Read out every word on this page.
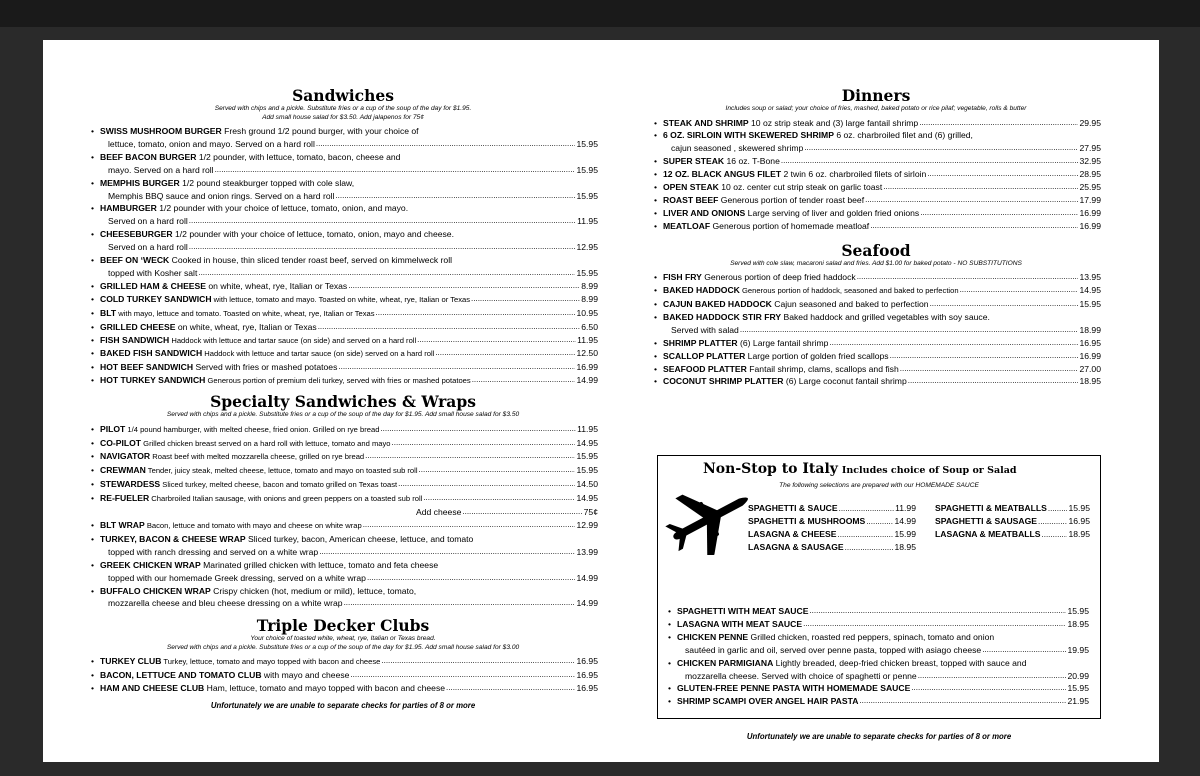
Sandwiches
Served with chips and a pickle. Substitute fries or a cup of the soup of the day for $1.95.
Add small house salad for $3.50. Add jalapenos for 75¢
• SWISS MUSHROOM BURGER Fresh ground 1/2 pound burger, with your choice of
lettuce, tomato, onion and mayo. Served on a hard roll .....	15.95
• BEEF BACON BURGER 1/2 pounder, with lettuce, tomato, bacon, cheese and
mayo. Served on a hard roll .....	15.95
• MEMPHIS BURGER 1/2 pound steakburger topped with cole slaw,
Memphis BBQ sauce and onion rings. Served on a hard roll .....	15.95
• HAMBURGER 1/2 pounder with your choice of lettuce, tomato, onion, and mayo.
Served on a hard roll .....	11.95
• CHEESEBURGER 1/2 pounder with your choice of lettuce, tomato, onion, mayo and cheese.
Served on a hard roll .....	12.95
• BEEF ON ‘WECK Cooked in house, thin sliced tender roast beef, served on kimmelweck roll
topped with Kosher salt .....	15.95
• GRILLED HAM & CHEESE on white, wheat, rye, Italian or Texas .....	8.99
• COLD TURKEY SANDWICH with lettuce, tomato and mayo. Toasted on white, wheat, rye, Italian or Texas .....	8.99
• BLT with mayo, lettuce and tomato. Toasted on white, wheat, rye, Italian or Texas .....	10.95
• GRILLED CHEESE on white, wheat, rye, Italian or Texas .....	6.50
• FISH SANDWICH Haddock with lettuce and tartar sauce (on side) and served on a hard roll .....	11.95
• BAKED FISH SANDWICH Haddock with lettuce and tartar sauce (on side) served on a hard roll .....	12.50
• HOT BEEF SANDWICH Served with fries or mashed potatoes .....	16.99
• HOT TURKEY SANDWICH Generous portion of premium deli turkey, served with fries or mashed potatoes .....	14.99
Specialty Sandwiches & Wraps
Served with chips and a pickle. Substitute fries or a cup of the soup of the day for $1.95. Add small house salad for $3.50
• PILOT 1/4 pound hamburger, with melted cheese, fried onion. Grilled on rye bread .....	11.95
• CO-PILOT Grilled chicken breast served on a hard roll with lettuce, tomato and mayo .....	14.95
• NAVIGATOR Roast beef with melted mozzarella cheese, grilled on rye bread .....	15.95
• CREWMAN Tender, juicy steak, melted cheese, lettuce, tomato and mayo on toasted sub roll .....	15.95
• STEWARDESS Sliced turkey, melted cheese, bacon and tomato grilled on Texas toast .....	14.50
• RE-FUELER Charbroiled Italian sausage, with onions and green peppers on a toasted sub roll .....	14.95
Add cheese .....	75¢
• BLT WRAP Bacon, lettuce and tomato with mayo and cheese on white wrap .....	12.99
• TURKEY, BACON & CHEESE WRAP Sliced turkey, bacon, American cheese, lettuce, and tomato
topped with ranch dressing and served on a white wrap .....	13.99
• GREEK CHICKEN WRAP Marinated grilled chicken with lettuce, tomato and feta cheese
topped with our homemade Greek dressing, served on a white wrap .....	14.99
• BUFFALO CHICKEN WRAP Crispy chicken (hot, medium or mild), lettuce, tomato,
mozzarella cheese and bleu cheese dressing on a white wrap .....	14.99
Triple Decker Clubs
Your choice of toasted white, wheat, rye, Italian or Texas bread.
Served with chips and a pickle. Substitute fries or a cup of the soup of the day for $1.95. Add small house salad for $3.00
• TURKEY CLUB Turkey, lettuce, tomato and mayo topped with bacon and cheese .....	16.95
• BACON, LETTUCE AND TOMATO CLUB with mayo and cheese .....	16.95
• HAM AND CHEESE CLUB Ham, lettuce, tomato and mayo topped with bacon and cheese .....	16.95
Unfortunately we are unable to separate checks for parties of 8 or more
Dinners
Includes soup or salad; your choice of fries, mashed, baked potato or rice pilaf; vegetable, rolls & butter
• STEAK AND SHRIMP 10 oz strip steak and (3) large fantail shrimp .....	29.95
• 6 OZ. SIRLOIN WITH SKEWERED SHRIMP 6 oz. charbroiled filet and (6) grilled,
cajun seasoned , skewered shrimp .....	27.95
• SUPER STEAK 16 oz. T-Bone .....	32.95
• 12 OZ. BLACK ANGUS FILET 2 twin 6 oz. charbroiled filets of sirloin .....	28.95
• OPEN STEAK 10 oz. center cut strip steak on garlic toast .....	25.95
• ROAST BEEF Generous portion of tender roast beef .....	17.99
• LIVER AND ONIONS Large serving of liver and golden fried onions .....	16.99
• MEATLOAF Generous portion of homemade meatloaf .....	16.99
Seafood
Served with cole slaw, macaroni salad and fries. Add $1.00 for baked potato - NO SUBSTITUTIONS
• FISH FRY Generous portion of deep fried haddock .....	13.95
• BAKED HADDOCK Generous portion of haddock, seasoned and baked to perfection .....	14.95
• CAJUN BAKED HADDOCK Cajun seasoned and baked to perfection .....	15.95
• BAKED HADDOCK STIR FRY Baked haddock and grilled vegetables with soy sauce.
Served with salad .....	18.99
• SHRIMP PLATTER (6) Large fantail shrimp .....	16.95
• SCALLOP PLATTER Large portion of golden fried scallops .....	16.99
• SEAFOOD PLATTER Fantail shrimp, clams, scallops and fish .....	27.00
• COCONUT SHRIMP PLATTER (6) Large coconut fantail shrimp .....	18.95
Non-Stop to Italy Includes choice of Soup or Salad
The following selections are prepared with our HOMEMADE SAUCE
SPAGHETTI & SAUCE .....	11.99
SPAGHETTI & MUSHROOMS .....	14.99
LASAGNA & CHEESE .....	15.99
LASAGNA & SAUSAGE .....	18.95
SPAGHETTI & MEATBALLS .....	15.95
SPAGHETTI & SAUSAGE .....	16.95
LASAGNA & MEATBALLS .....	18.95
• SPAGHETTI WITH MEAT SAUCE .....	15.95
• LASAGNA WITH MEAT SAUCE .....	18.95
• CHICKEN PENNE Grilled chicken, roasted red peppers, spinach, tomato and onion
sautéed in garlic and oil, served over penne pasta, topped with asiago cheese .....	19.95
• CHICKEN PARMIGIANA Lightly breaded, deep-fried chicken breast, topped with sauce and
mozzarella cheese. Served with choice of spaghetti or penne .....	20.99
• GLUTEN-FREE PENNE PASTA WITH HOMEMADE SAUCE .....	15.95
• SHRIMP SCAMPI OVER ANGEL HAIR PASTA .....	21.95
Unfortunately we are unable to separate checks for parties of 8 or more
